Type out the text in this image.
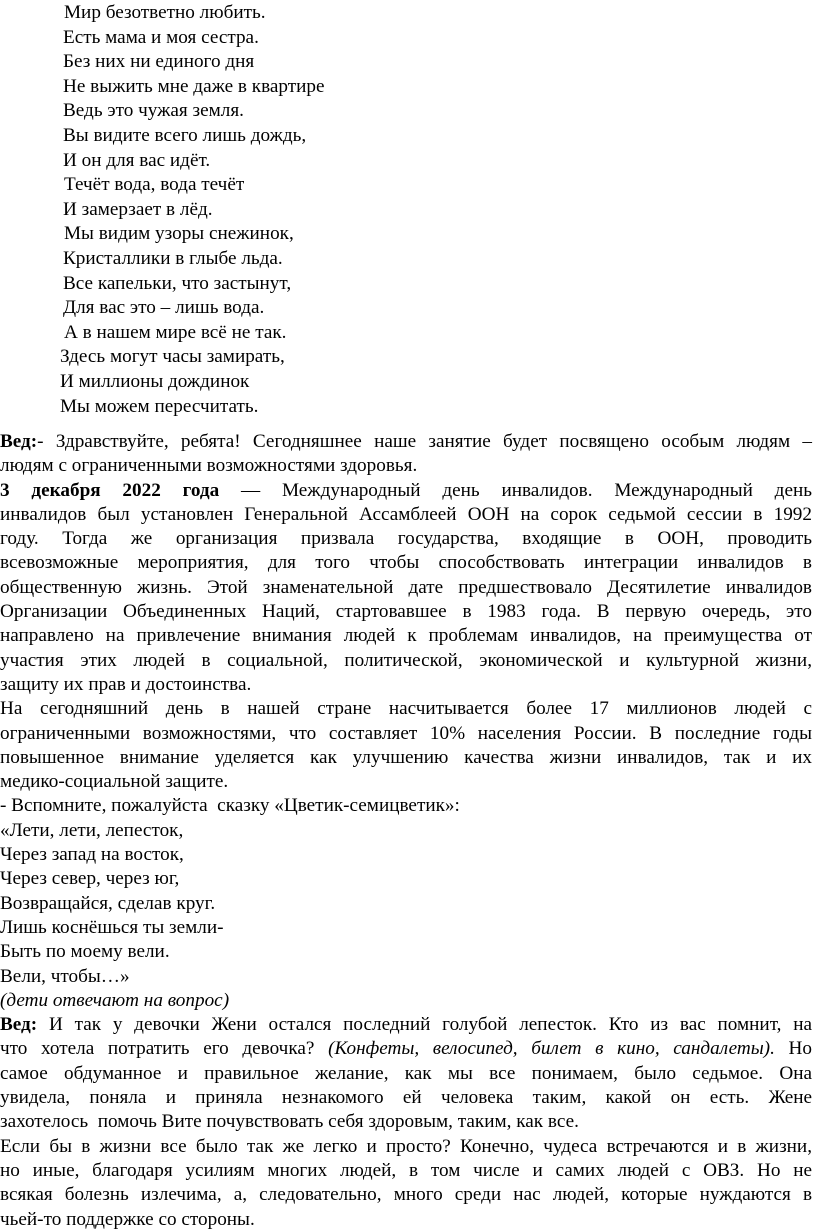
Мир безответно любить.
Есть мама и моя сестра.
Без них ни единого дня
Не выжить мне даже в квартире
Ведь это чужая земля.
Вы видите всего лишь дождь,
И он для вас идёт.
Течёт вода, вода течёт
И замерзает в лёд.
Мы видим узоры снежинок,
Кристаллики в глыбе льда.
Все капельки, что застынут,
Для вас это – лишь вода.
А в нашем мире всё не так.
Здесь могут часы замирать,
И миллионы дождинок
Мы можем пересчитать.
Вед:- Здравствуйте, ребята! Сегодняшнее наше занятие будет посвящено особым людям –
людям с ограниченными возможностями здоровья.
3 декабря 2022 года — Международный день инвалидов. Международный день
инвалидов был установлен Генеральной Ассамблеей ООН на сорок седьмой сессии в 1992
году. Тогда же организация призвала государства, входящие в ООН, проводить
всевозможные мероприятия, для того чтобы способствовать интеграции инвалидов в
общественную жизнь. Этой знаменательной дате предшествовало Десятилетие инвалидов
Организации Объединенных Наций, стартовавшее в 1983 года. В первую очередь, это
направлено на привлечение внимания людей к проблемам инвалидов, на преимущества от
участия этих людей в социальной, политической, экономической и культурной жизни,
защиту их прав и достоинства.
На сегодняшний день в нашей стране насчитывается более 17 миллионов людей с
ограниченными возможностями, что составляет 10% населения России. В последние годы
повышенное внимание уделяется как улучшению качества жизни инвалидов, так и их
медико-социальной защите.
- Вспомните, пожалуйста  сказку «Цветик-семицветик»:
«Лети, лети, лепесток,
Через запад на восток,
Через север, через юг,
Возвращайся, сделав круг.
Лишь коснёшься ты земли-
Быть по моему вели.
Вели, чтобы…»
(дети отвечают на вопрос)
Вед: И так у девочки Жени остался последний голубой лепесток. Кто из вас помнит, на
что хотела потратить его девочка? (Конфеты, велосипед, билет в кино, сандалеты). Но
самое обдуманное и правильное желание, как мы все понимаем, было седьмое. Она
увидела, поняла и приняла незнакомого ей человека таким, какой он есть. Жене
захотелось  помочь Вите почувствовать себя здоровым, таким, как все.
Если бы в жизни все было так же легко и просто? Конечно, чудеса встречаются и в жизни,
но иные, благодаря усилиям многих людей, в том числе и самих людей с ОВЗ. Но не
всякая болезнь излечима, а, следовательно, много среди нас людей, которые нуждаются в
чьей-то поддержке со стороны.
